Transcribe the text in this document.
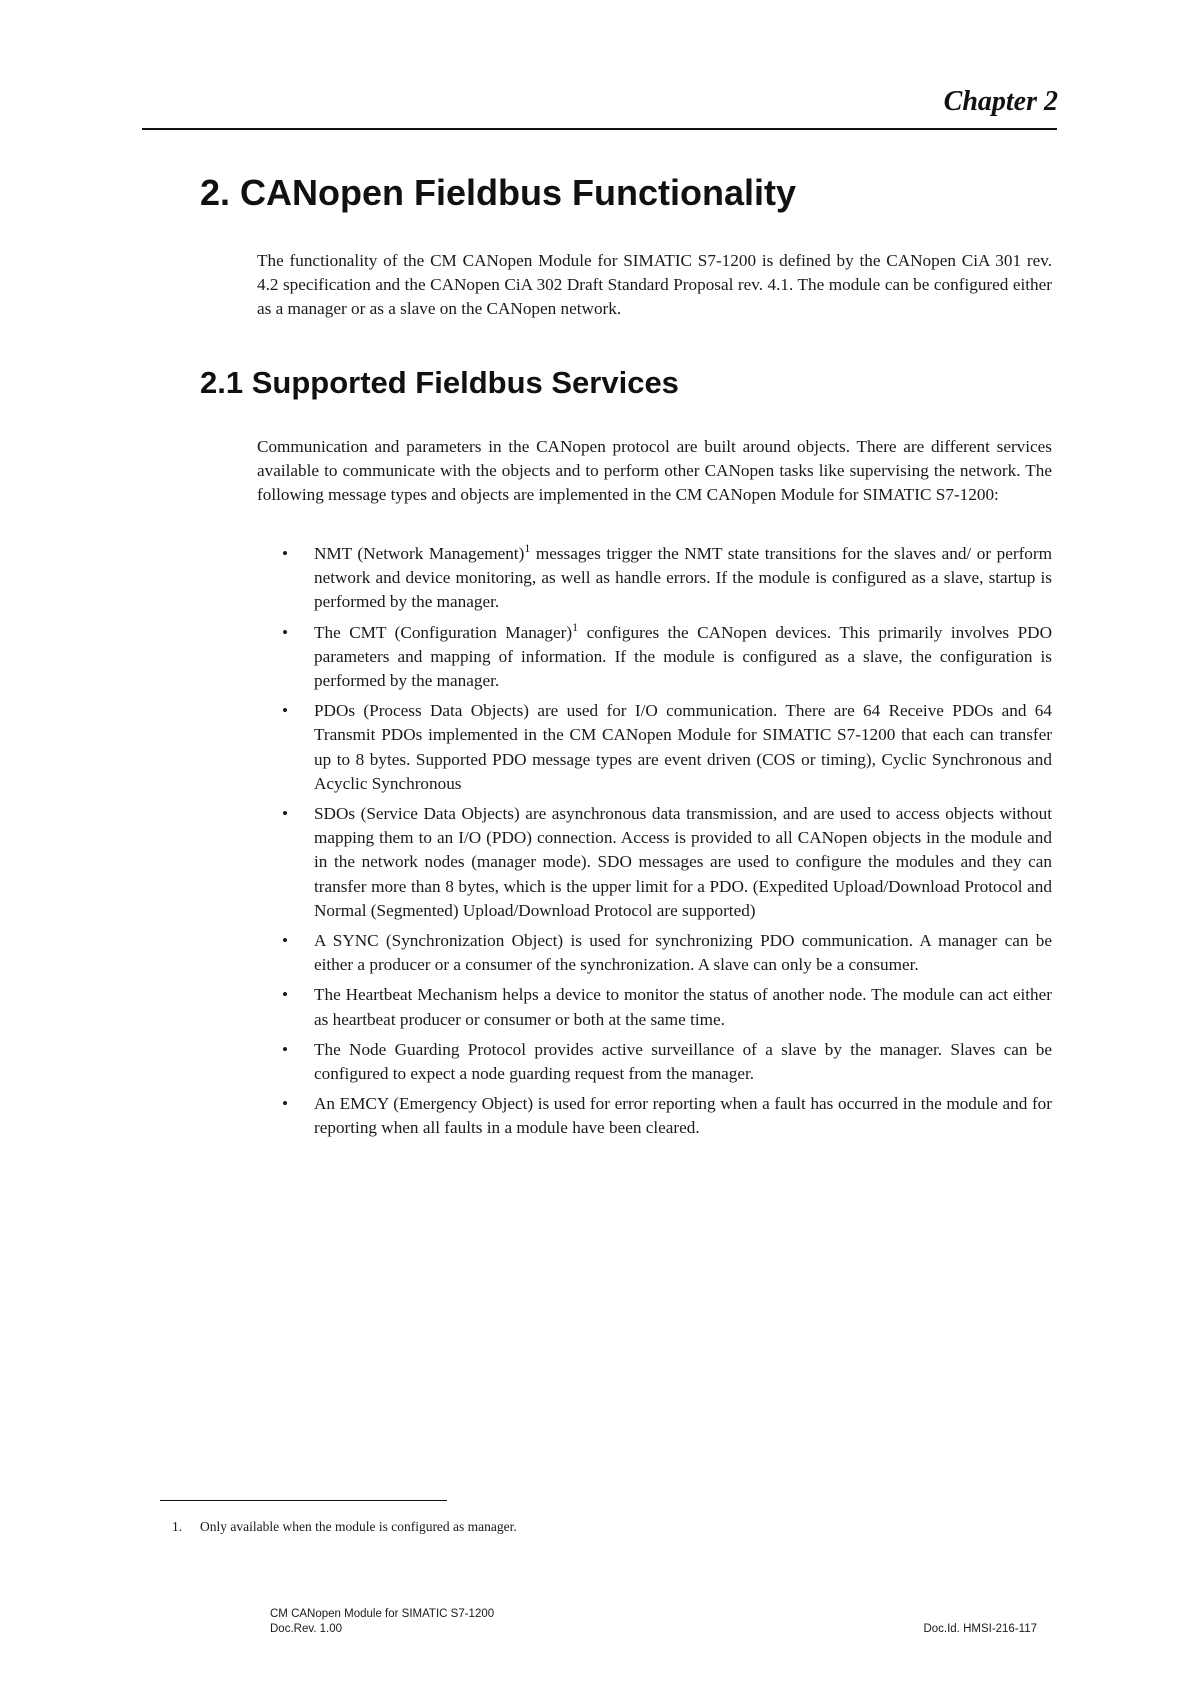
Chapter 2
2. CANopen Fieldbus Functionality

The functionality of the CM CANopen Module for SIMATIC S7-1200 is defined by the CANopen CiA 301 rev. 4.2 specification and the CANopen CiA 302 Draft Standard Proposal rev. 4.1. The module can be configured either as a manager or as a slave on the CANopen network.

2.1 Supported Fieldbus Services

Communication and parameters in the CANopen protocol are built around objects. There are different services available to communicate with the objects and to perform other CANopen tasks like supervising the network. The following message types and objects are implemented in the CM CANopen Module for SIMATIC S7-1200:

• NMT (Network Management)$^1$ messages trigger the NMT state transitions for the slaves and/ or perform network and device monitoring, as well as handle errors. If the module is configured as a slave, startup is performed by the manager.
• The CMT (Configuration Manager)$^1$ configures the CANopen devices. This primarily involves PDO parameters and mapping of information. If the module is configured as a slave, the configuration is performed by the manager.
• PDOs (Process Data Objects) are used for I/O communication. There are 64 Receive PDOs and 64 Transmit PDOs implemented in the CM CANopen Module for SIMATIC S7-1200 that each can transfer up to 8 bytes. Supported PDO message types are event driven (COS or timing), Cyclic Synchronous and Acyclic Synchronous
• SDOs (Service Data Objects) are asynchronous data transmission, and are used to access objects without mapping them to an I/O (PDO) connection. Access is provided to all CANopen objects in the module and in the network nodes (manager mode). SDO messages are used to configure the modules and they can transfer more than 8 bytes, which is the upper limit for a PDO. (Expedited Upload/Download Protocol and Normal (Segmented) Upload/Download Protocol are supported)
• A SYNC (Synchronization Object) is used for synchronizing PDO communication. A manager can be either a producer or a consumer of the synchronization. A slave can only be a consumer.
• The Heartbeat Mechanism helps a device to monitor the status of another node. The module can act either as heartbeat producer or consumer or both at the same time.
• The Node Guarding Protocol provides active surveillance of a slave by the manager. Slaves can be configured to expect a node guarding request from the manager.
• An EMCY (Emergency Object) is used for error reporting when a fault has occurred in the module and for reporting when all faults in a module have been cleared.
1. Only available when the module is configured as manager.
CM CANopen Module for SIMATIC S7-1200
Doc.Rev. 1.00	Doc.Id. HMSI-216-117
